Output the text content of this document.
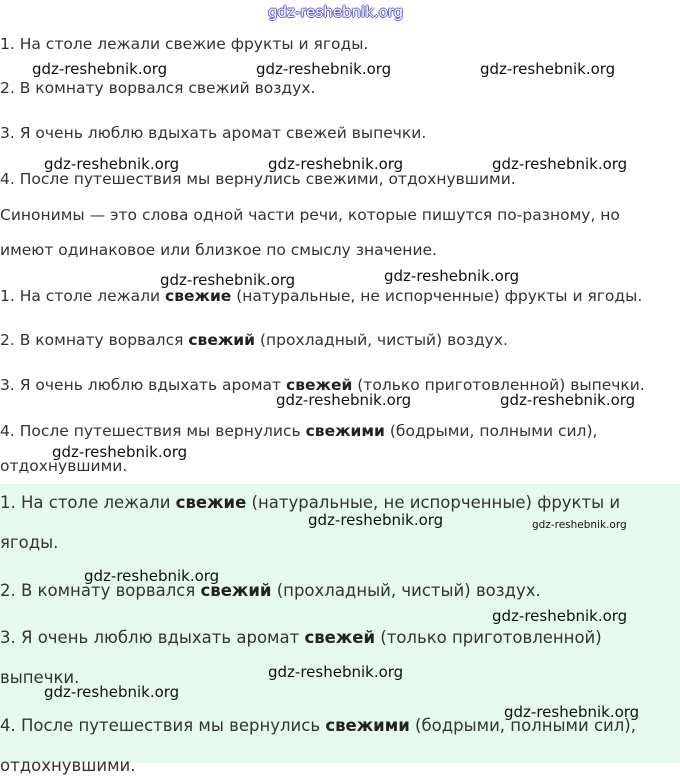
1. На столе лежали свежие фрукты и ягоды.
2. В комнату ворвался свежий воздух.
3. Я очень люблю вдыхать аромат свежей выпечки.
4. После путешествия мы вернулись свежими, отдохнувшими.
Синонимы — это слова одной части речи, которые пишутся по-разному, но
имеют одинаковое или близкое по смыслу значение.
1. На столе лежали свежие (натуральные, не испорченные) фрукты и ягоды.
2. В комнату ворвался свежий (прохладный, чистый) воздух.
3. Я очень люблю вдыхать аромат свежей (только приготовленной) выпечки.
4. После путешествия мы вернулись свежими (бодрыми, полными сил),
отдохнувшими.
1. На столе лежали свежие (натуральные, не испорченные) фрукты и
ягоды.
2. В комнату ворвался свежий (прохладный, чистый) воздух.
3. Я очень люблю вдыхать аромат свежей (только приготовленной)
выпечки.
4. После путешествия мы вернулись свежими (бодрыми, полными сил),
отдохнувшими.
gdz-reshebnik.org
gdz-reshebnik.org	gdz-reshebnik.org	gdz-reshebnik.org
gdz-reshebnik.org	gdz-reshebnik.org	gdz-reshebnik.org
gdz-reshebnik.org	gdz-reshebnik.org
gdz-reshebnik.org	gdz-reshebnik.org
gdz-reshebnik.org
gdz-reshebnik.org	gdz-reshebnik.org
gdz-reshebnik.org
gdz-reshebnik.org
gdz-reshebnik.org
gdz-reshebnik.org
gdz-reshebnik.org
